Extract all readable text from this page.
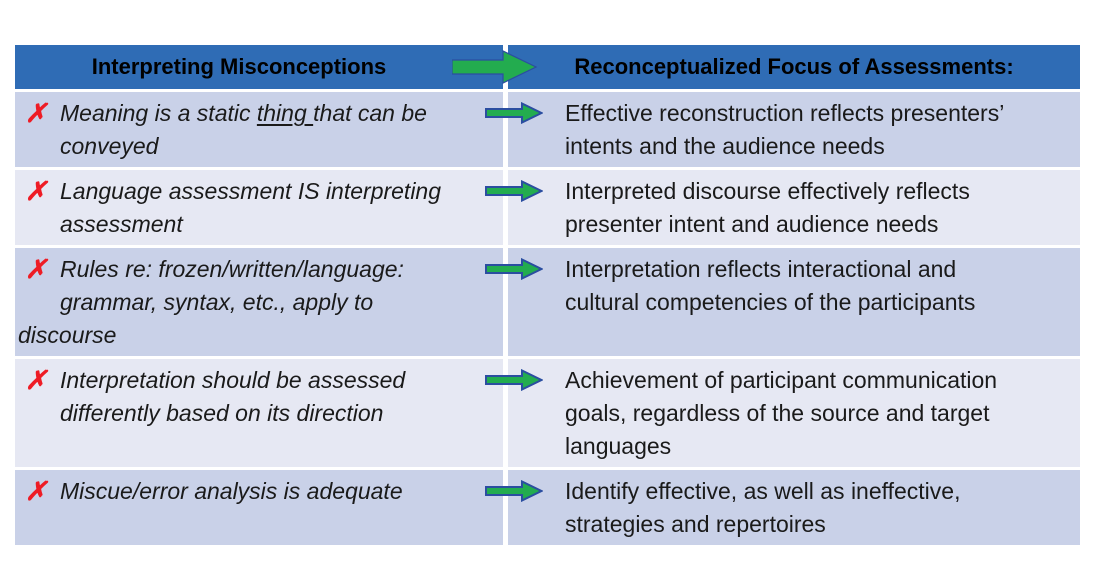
Interpreting Misconceptions	Reconceptualized Focus of Assessments:
✗ Meaning is a static thing that can be
conveyed
Effective reconstruction reflects presenters’
intents and the audience needs
✗ Language assessment IS interpreting
assessment
Interpreted discourse effectively reflects
presenter intent and audience needs
✗ Rules re: frozen/written/language:
grammar, syntax, etc., apply to
discourse
Interpretation reflects interactional and
cultural competencies of the participants
✗ Interpretation should be assessed
differently based on its direction
Achievement of participant communication
goals, regardless of the source and target
languages
✗ Miscue/error analysis is adequate	Identify effective, as well as ineffective,
strategies and repertoires
